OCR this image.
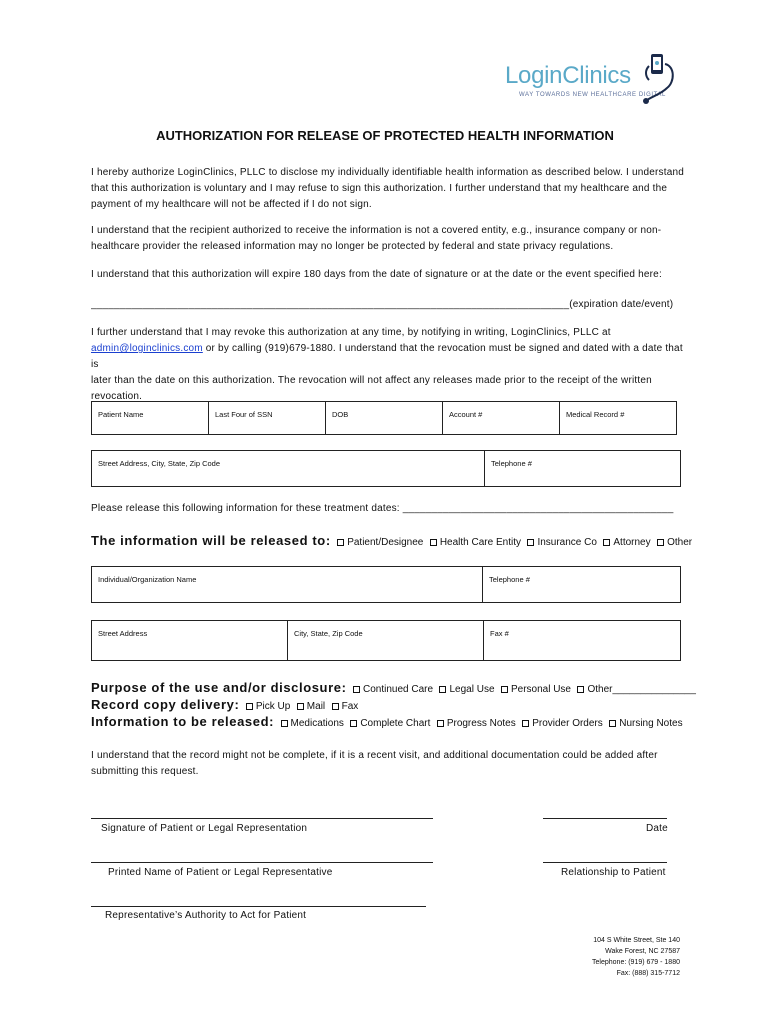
LoginClinics
WAY TOWARDS NEW HEALTHCARE DIGITAL
AUTHORIZATION FOR RELEASE OF PROTECTED HEALTH INFORMATION
I hereby authorize LoginClinics, PLLC to disclose my individually identifiable health information as described below. I understand
that this authorization is voluntary and I may refuse to sign this authorization. I further understand that my healthcare and the
payment of my healthcare will not be affected if I do not sign.
I understand that the recipient authorized to receive the information is not a covered entity, e.g., insurance company or non-
healthcare provider the released information may no longer be protected by federal and state privacy regulations.
I understand that this authorization will expire 180 days from the date of signature or at the date or the event specified here:
___________________________________________________________________________________(expiration date/event)
I further understand that I may revoke this authorization at any time, by notifying in writing, LoginClinics, PLLC at
admin@loginclinics.com or by calling (919)679-1880. I understand that the revocation must be signed and dated with a date that is
later than the date on this authorization. The revocation will not affect any releases made prior to the receipt of the written
revocation.
Patient Name	Last Four of SSN	DOB	Account #	Medical Record #
Street Address, City, State, Zip Code	Telephone #
Please release this following information for these treatment dates: _______________________________________________
The information will be released to: Patient/Designee Health Care Entity Insurance Co Attorney Other
Individual/Organization Name	Telephone #
Street Address	City, State, Zip Code	Fax #
Purpose of the use and/or disclosure: Continued Care Legal Use Personal Use Other_______________
Record copy delivery: Pick Up Mail Fax
Information to be released: Medications Complete Chart Progress Notes Provider Orders Nursing Notes
I understand that the record might not be complete, if it is a recent visit, and additional documentation could be added after
submitting this request.
Signature of Patient or Legal Representation	Date
Printed Name of Patient or Legal Representative	Relationship to Patient
Representative’s Authority to Act for Patient
104 S White Street, Ste 140
Wake Forest, NC 27587
Telephone: (919) 679 - 1880
Fax: (888) 315-7712
